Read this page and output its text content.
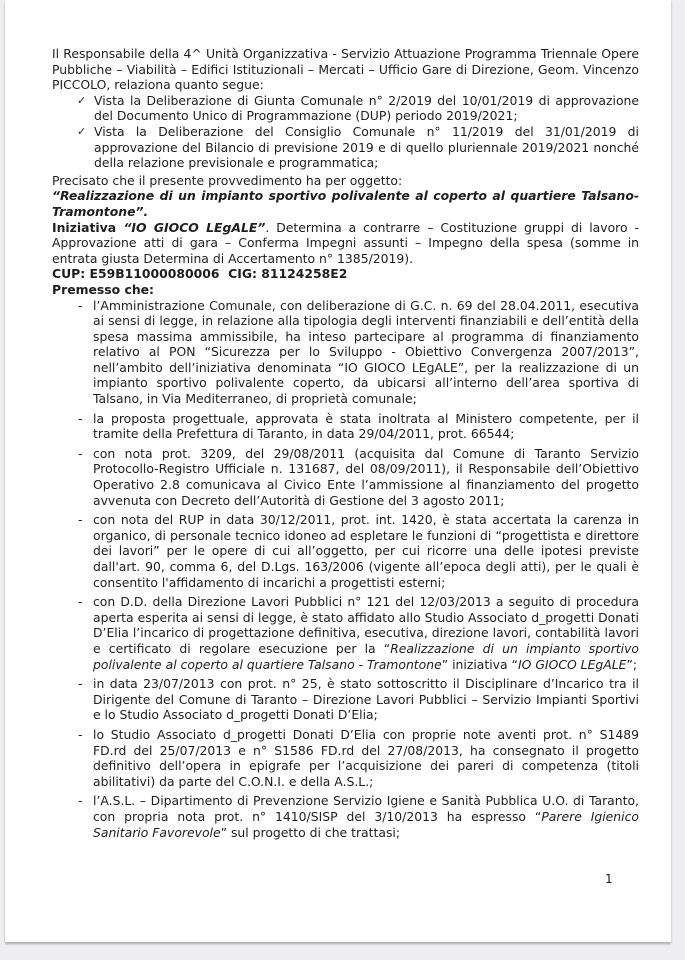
Il Responsabile della 4^ Unità Organizzativa - Servizio Attuazione Programma Triennale Opere Pubbliche – Viabilità – Edifici Istituzionali – Mercati – Ufficio Gare di Direzione, Geom. Vincenzo PICCOLO, relaziona quanto segue:

✓ Vista la Deliberazione di Giunta Comunale n° 2/2019 del 10/01/2019 di approvazione del Documento Unico di Programmazione (DUP) periodo 2019/2021;
✓ Vista la Deliberazione del Consiglio Comunale n° 11/2019 del 31/01/2019 di approvazione del Bilancio di previsione 2019 e di quello pluriennale 2019/2021 nonché della relazione previsionale e programmatica;

Precisato che il presente provvedimento ha per oggetto:

“Realizzazione di un impianto sportivo polivalente al coperto al quartiere Talsano-Tramontone”.

Iniziativa “IO GIOCO LEgALE”. Determina a contrarre – Costituzione gruppi di lavoro - Approvazione atti di gara – Conferma Impegni assunti – Impegno della spesa (somme in entrata giusta Determina di Accertamento n° 1385/2019).

CUP: E59B11000080006  CIG: 81124258E2

Premesso che:

- l’Amministrazione Comunale, con deliberazione di G.C. n. 69 del 28.04.2011, esecutiva ai sensi di legge, in relazione alla tipologia degli interventi finanziabili e dell’entità della spesa massima ammissibile, ha inteso partecipare al programma di finanziamento relativo al PON “Sicurezza per lo Sviluppo - Obiettivo Convergenza 2007/2013”, nell’ambito dell’iniziativa denominata “IO GIOCO LEgALE”, per la realizzazione di un impianto sportivo polivalente coperto, da ubicarsi all’interno dell’area sportiva di Talsano, in Via Mediterraneo, di proprietà comunale;
- la proposta progettuale, approvata è stata inoltrata al Ministero competente, per il tramite della Prefettura di Taranto, in data 29/04/2011, prot. 66544;
- con nota prot. 3209, del 29/08/2011 (acquisita dal Comune di Taranto Servizio Protocollo-Registro Ufficiale n. 131687, del 08/09/2011), il Responsabile dell’Obiettivo Operativo 2.8 comunicava al Civico Ente l’ammissione al finanziamento del progetto avvenuta con Decreto dell’Autorità di Gestione del 3 agosto 2011;
- con nota del RUP in data 30/12/2011, prot. int. 1420, è stata accertata la carenza in organico, di personale tecnico idoneo ad espletare le funzioni di “progettista e direttore dei lavori” per le opere di cui all’oggetto, per cui ricorre una delle ipotesi previste dall'art. 90, comma 6, del D.Lgs. 163/2006 (vigente all’epoca degli atti), per le quali è consentito l'affidamento di incarichi a progettisti esterni;
- con D.D. della Direzione Lavori Pubblici n° 121 del 12/03/2013 a seguito di procedura aperta esperita ai sensi di legge, è stato affidato allo Studio Associato d_progetti Donati D’Elia l’incarico di progettazione definitiva, esecutiva, direzione lavori, contabilità lavori e certificato di regolare esecuzione per la “Realizzazione di un impianto sportivo polivalente al coperto al quartiere Talsano - Tramontone” iniziativa “IO GIOCO LEgALE”;
- in data 23/07/2013 con prot. n° 25, è stato sottoscritto il Disciplinare d’Incarico tra il Dirigente del Comune di Taranto – Direzione Lavori Pubblici – Servizio Impianti Sportivi e lo Studio Associato d_progetti Donati D’Elia;
- lo Studio Associato d_progetti Donati D’Elia con proprie note aventi prot. n° S1489 FD.rd del 25/07/2013 e n° S1586 FD.rd del 27/08/2013, ha consegnato il progetto definitivo dell’opera in epigrafe per l’acquisizione dei pareri di competenza (titoli abilitativi) da parte del C.O.N.I. e della A.S.L.;
- l’A.S.L. – Dipartimento di Prevenzione Servizio Igiene e Sanità Pubblica U.O. di Taranto, con propria nota prot. n° 1410/SISP del 3/10/2013 ha espresso “Parere Igienico Sanitario Favorevole” sul progetto di che trattasi;
1
